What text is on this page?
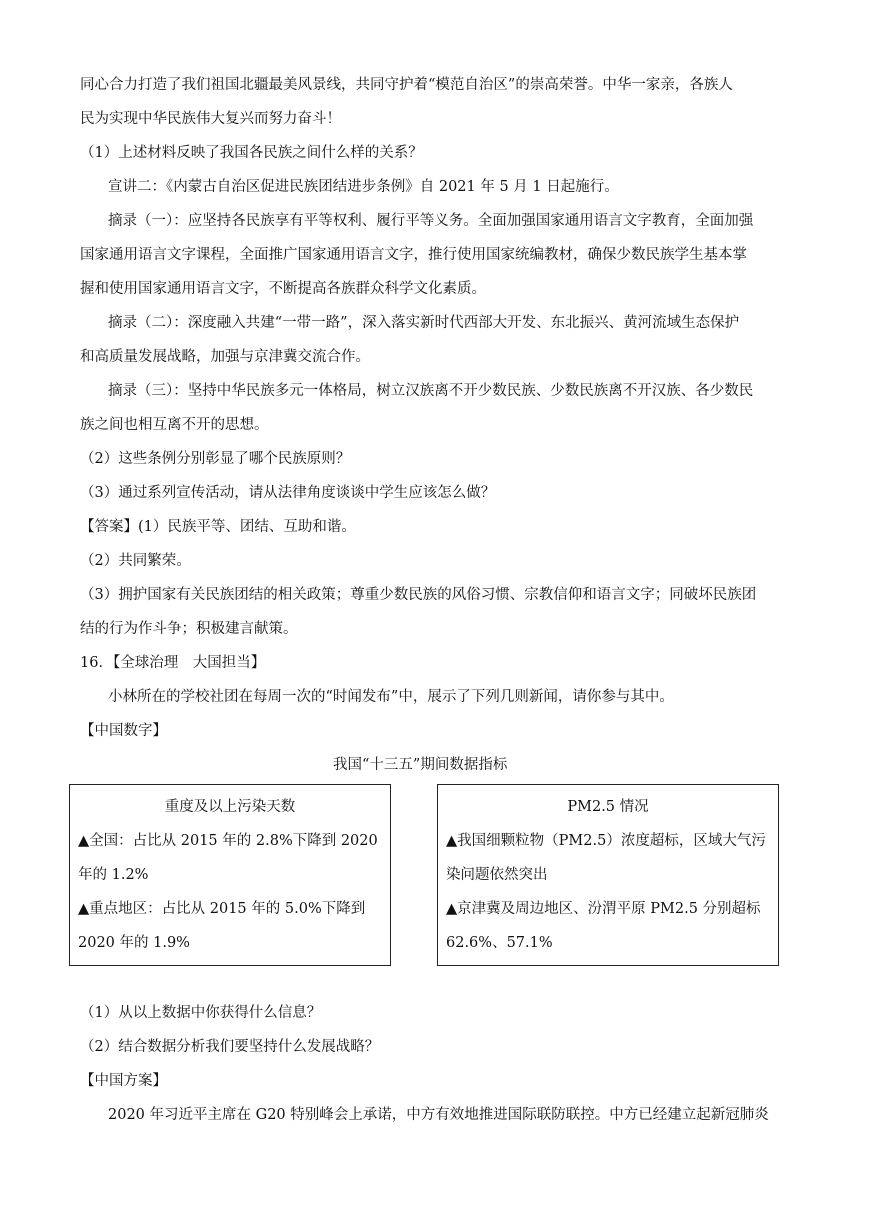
同心合力打造了我们祖国北疆最美风景线，共同守护着“模范自治区”的崇高荣誉。中华一家亲，各族人
民为实现中华民族伟大复兴而努力奋斗！
（1）上述材料反映了我国各民族之间什么样的关系？
宣讲二：《内蒙古自治区促进民族团结进步条例》自 2021 年 5 月 1 日起施行。
摘录（一）：应坚持各民族享有平等权利、履行平等义务。全面加强国家通用语言文字教育，全面加强
国家通用语言文字课程，全面推广国家通用语言文字，推行使用国家统编教材，确保少数民族学生基本掌
握和使用国家通用语言文字，不断提高各族群众科学文化素质。
摘录（二）：深度融入共建“一带一路”，深入落实新时代西部大开发、东北振兴、黄河流域生态保护
和高质量发展战略，加强与京津冀交流合作。
摘录（三）：坚持中华民族多元一体格局，树立汉族离不开少数民族、少数民族离不开汉族、各少数民
族之间也相互离不开的思想。
（2）这些条例分别彰显了哪个民族原则？
（3）通过系列宣传活动，请从法律角度谈谈中学生应该怎么做？
【答案】(1）民族平等、团结、互助和谐。
（2）共同繁荣。
（3）拥护国家有关民族团结的相关政策；尊重少数民族的风俗习惯、宗教信仰和语言文字；同破坏民族团
结的行为作斗争；积极建言献策。
16．【全球治理　大国担当】
小林所在的学校社团在每周一次的“时闻发布”中，展示了下列几则新闻，请你参与其中。
【中国数字】
我国“十三五”期间数据指标
重度及以上污染天数
▲全国：占比从 2015 年的 2.8%下降到 2020
年的 1.2%
▲重点地区：占比从 2015 年的 5.0%下降到
2020 年的 1.9%
PM2.5 情况
▲我国细颗粒物（PM2.5）浓度超标，区域大气污
染问题依然突出
▲京津冀及周边地区、汾渭平原 PM2.5 分别超标
62.6%、57.1%
（1）从以上数据中你获得什么信息？
（2）结合数据分析我们要坚持什么发展战略？
【中国方案】
2020 年习近平主席在 G20 特别峰会上承诺，中方有效地推进国际联防联控。中方已经建立起新冠肺炎
